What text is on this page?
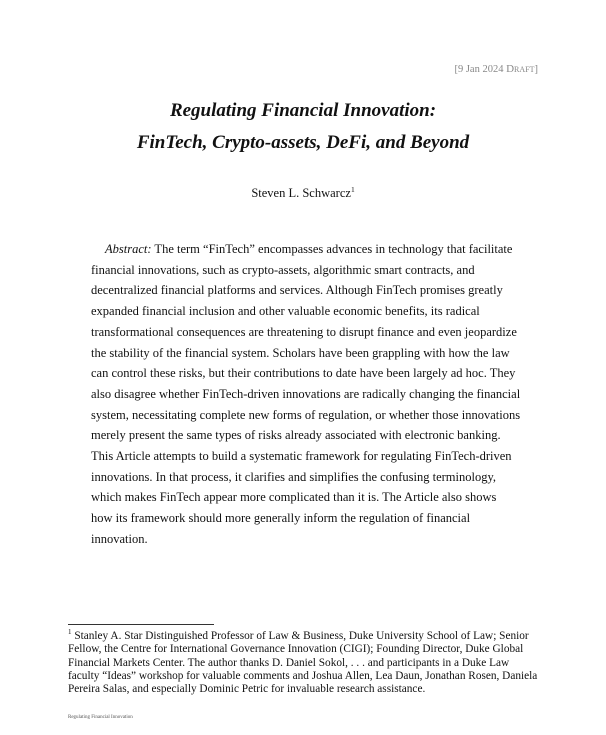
[9 Jan 2024 Draft]
Regulating Financial Innovation:
FinTech, Crypto-assets, DeFi, and Beyond
Steven L. Schwarcz$^1$

Abstract: The term “FinTech” encompasses advances in technology that facilitate financial innovations, such as crypto-assets, algorithmic smart contracts, and decentralized financial platforms and services. Although FinTech promises greatly expanded financial inclusion and other valuable economic benefits, its radical transformational consequences are threatening to disrupt finance and even jeopardize the stability of the financial system. Scholars have been grappling with how the law can control these risks, but their contributions to date have been largely ad hoc. They also disagree whether FinTech-driven innovations are radically changing the financial system, necessitating complete new forms of regulation, or whether those innovations merely present the same types of risks already associated with electronic banking. This Article attempts to build a systematic framework for regulating FinTech-driven innovations. In that process, it clarifies and simplifies the confusing terminology, which makes FinTech appear more complicated than it is. The Article also shows how its framework should more generally inform the regulation of financial innovation.

$^1$ Stanley A. Star Distinguished Professor of Law & Business, Duke University School of Law; Senior Fellow, the Centre for International Governance Innovation (CIGI); Founding Director, Duke Global Financial Markets Center. The author thanks D. Daniel Sokol, . . . and participants in a Duke Law faculty “Ideas” workshop for valuable comments and Joshua Allen, Lea Daun, Jonathan Rosen, Daniela Pereira Salas, and especially Dominic Petric for invaluable research assistance.

Regulating Financial Innovation
